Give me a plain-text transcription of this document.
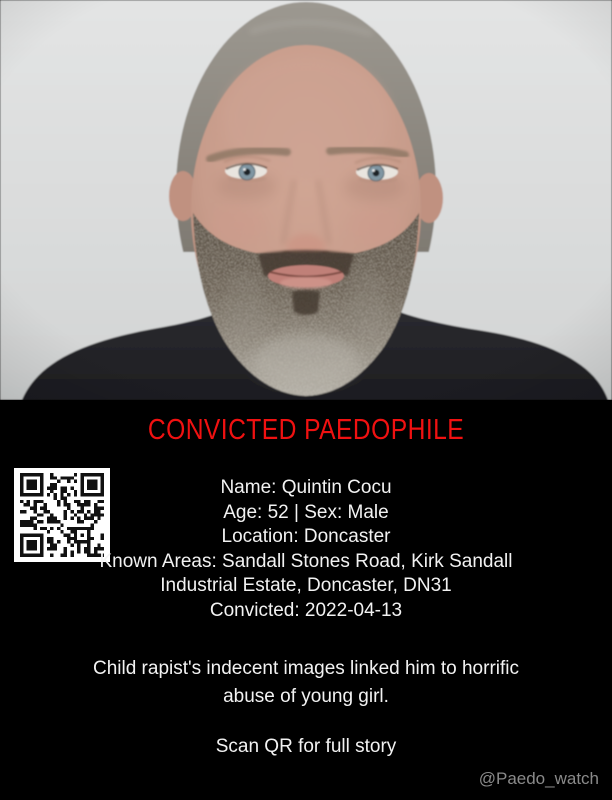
CONVICTED PAEDOPHILE
Name: Quintin Cocu
Age: 52 | Sex: Male
Location: Doncaster
Known Areas: Sandall Stones Road, Kirk Sandall Industrial Estate, Doncaster, DN31
Convicted: 2022-04-13
Child rapist's indecent images linked him to horrific abuse of young girl.
Scan QR for full story
@Paedo_watch
